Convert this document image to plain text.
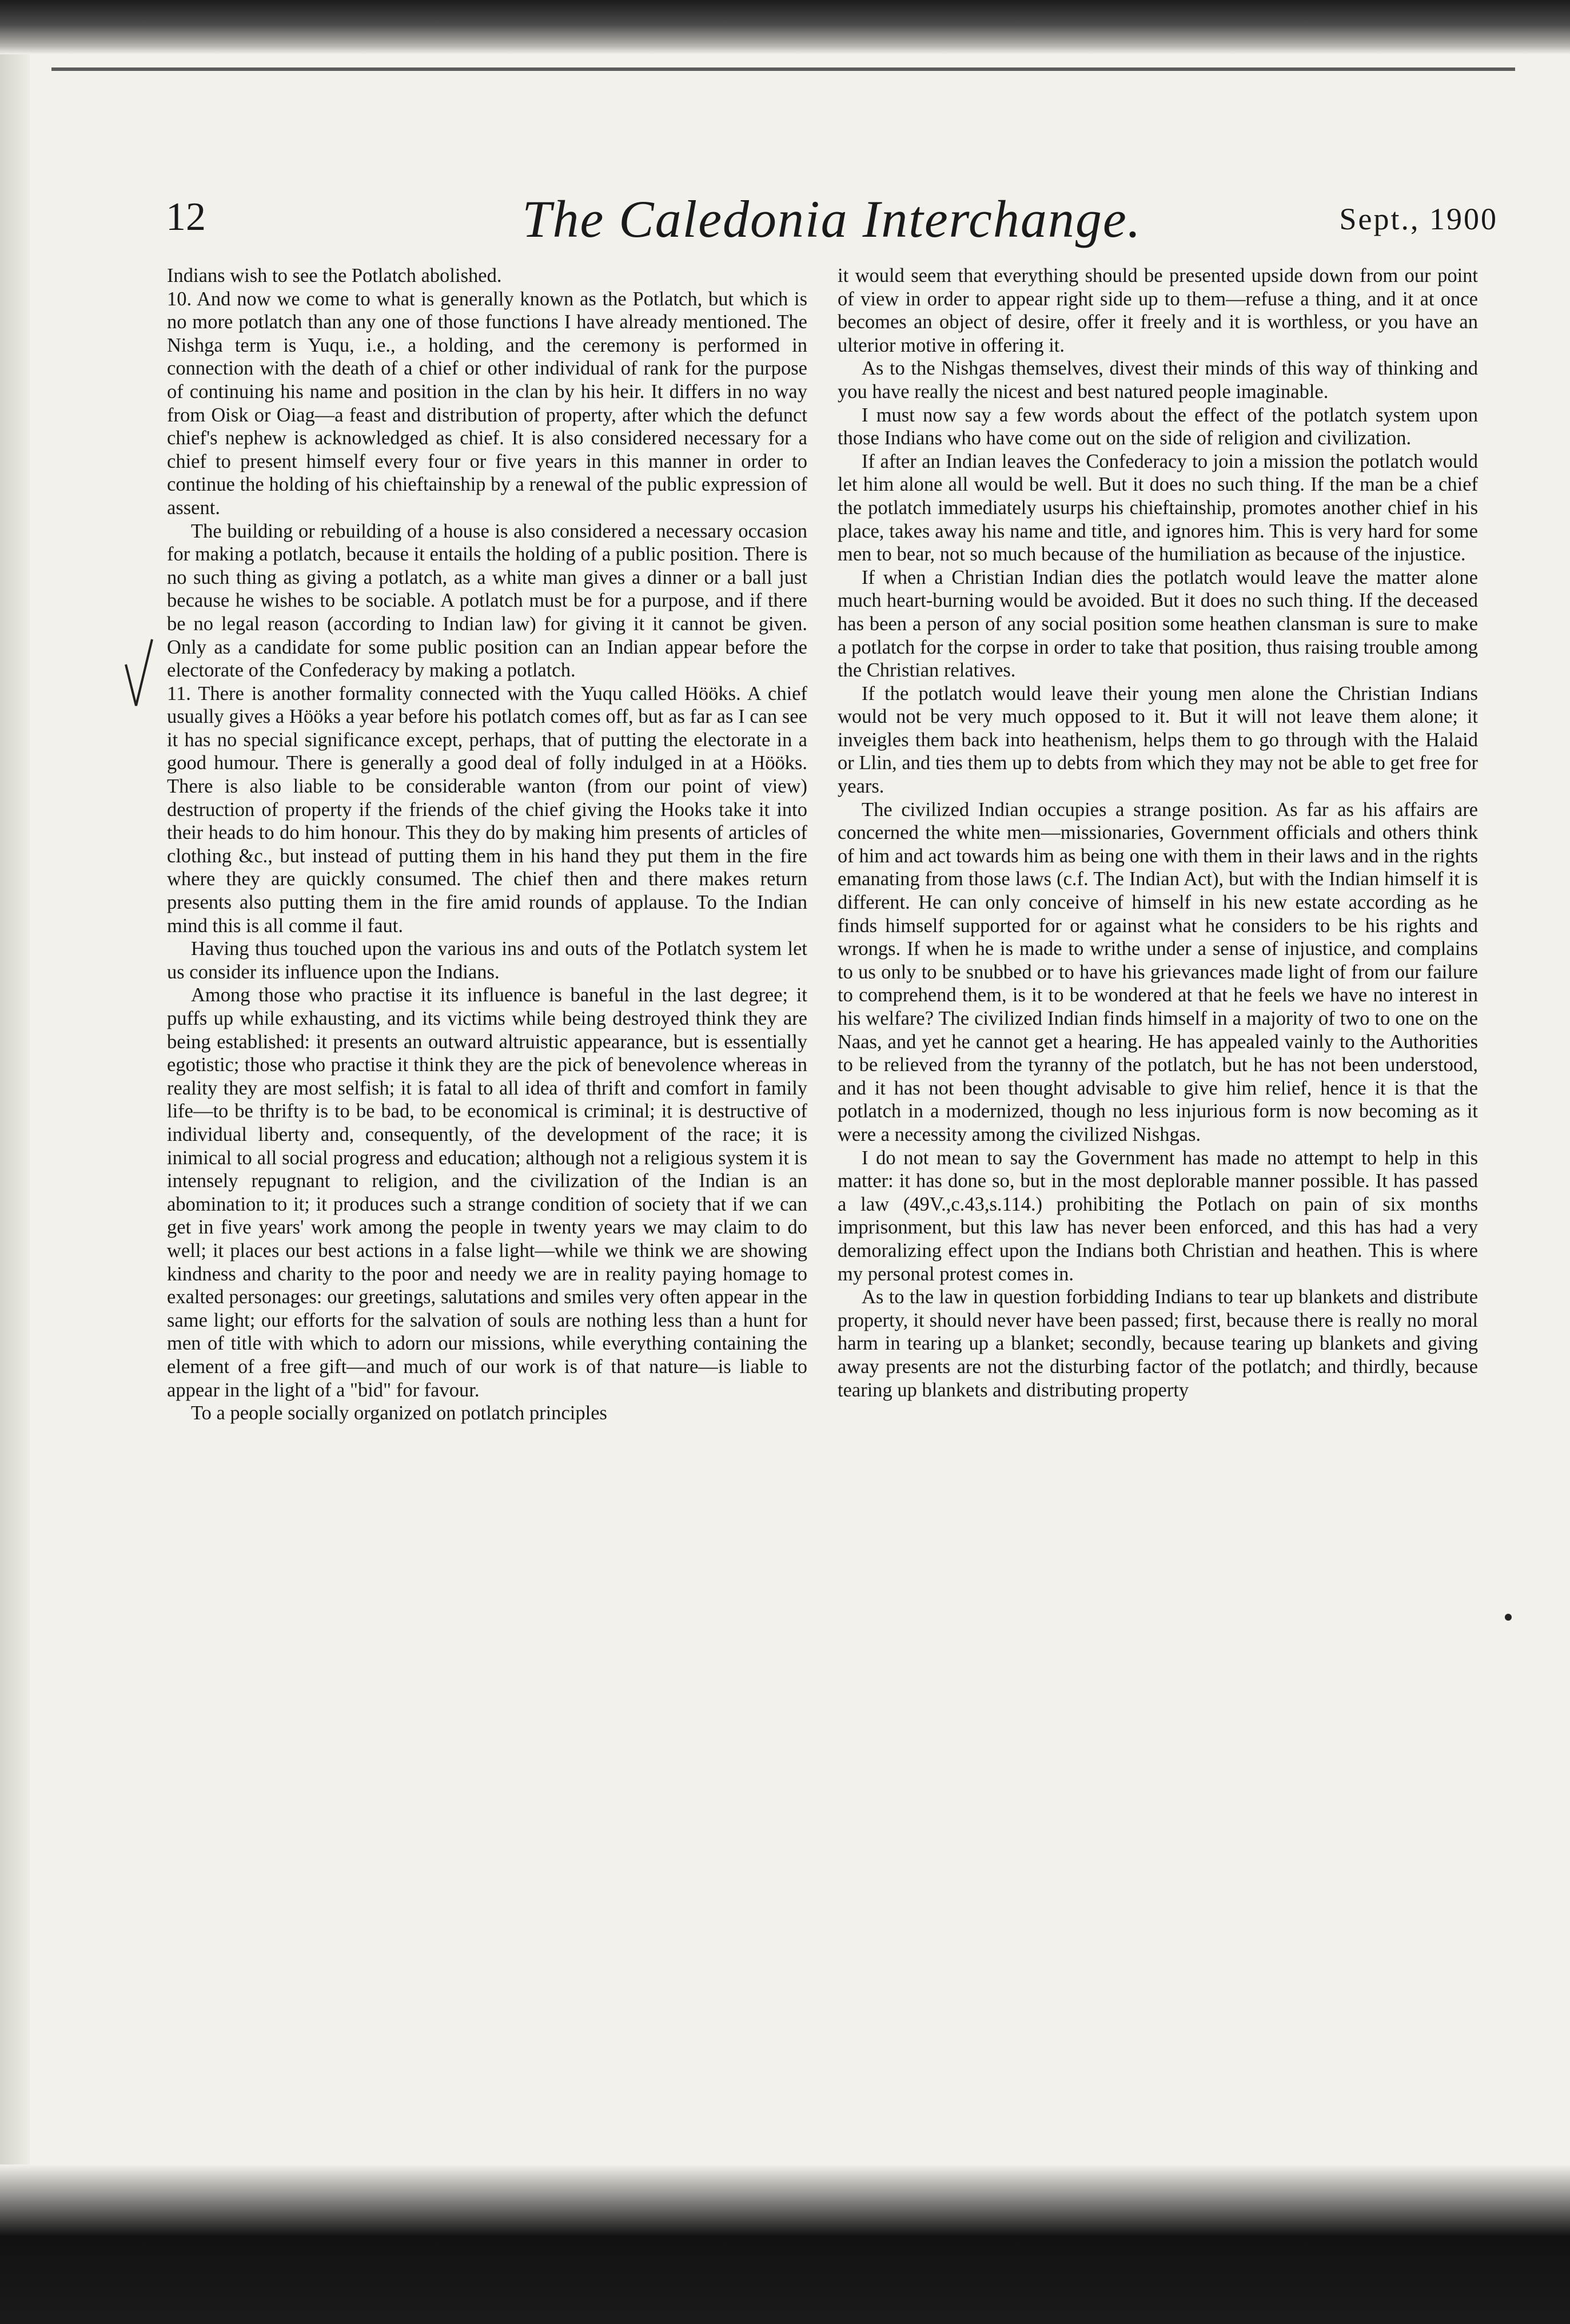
12	The Caledonia Interchange.	Sept., 1900

Indians wish to see the Potlatch abolished.

10. And now we come to what is generally known as the Potlatch, but which is no more potlatch than any one of those functions I have already mentioned. The Nishga term is Yuqu, i.e., a holding, and the ceremony is performed in connection with the death of a chief or other individual of rank for the purpose of continuing his name and position in the clan by his heir. It differs in no way from Oisk or Oiag—a feast and distribution of property, after which the defunct chief's nephew is acknowledged as chief. It is also considered necessary for a chief to present himself every four or five years in this manner in order to continue the holding of his chieftainship by a renewal of the public expression of assent.

The building or rebuilding of a house is also considered a necessary occasion for making a potlatch, because it entails the holding of a public position. There is no such thing as giving a potlatch, as a white man gives a dinner or a ball just because he wishes to be sociable. A potlatch must be for a purpose, and if there be no legal reason (according to Indian law) for giving it it cannot be given. Only as a candidate for some public position can an Indian appear before the electorate of the Confederacy by making a potlatch.

11. There is another formality connected with the Yuqu called Hööks. A chief usually gives a Hööks a year before his potlatch comes off, but as far as I can see it has no special significance except, perhaps, that of putting the electorate in a good humour. There is generally a good deal of folly indulged in at a Hööks. There is also liable to be considerable wanton (from our point of view) destruction of property if the friends of the chief giving the Hooks take it into their heads to do him honour. This they do by making him presents of articles of clothing &c., but instead of putting them in his hand they put them in the fire where they are quickly consumed. The chief then and there makes return presents also putting them in the fire amid rounds of applause. To the Indian mind this is all comme il faut.

Having thus touched upon the various ins and outs of the Potlatch system let us consider its influence upon the Indians.

Among those who practise it its influence is baneful in the last degree; it puffs up while exhausting, and its victims while being destroyed think they are being established: it presents an outward altruistic appearance, but is essentially egotistic; those who practise it think they are the pick of benevolence whereas in reality they are most selfish; it is fatal to all idea of thrift and comfort in family life—to be thrifty is to be bad, to be economical is criminal; it is destructive of individual liberty and, consequently, of the development of the race; it is inimical to all social progress and education; although not a religious system it is intensely repugnant to religion, and the civilization of the Indian is an abomination to it; it produces such a strange condition of society that if we can get in five years' work among the people in twenty years we may claim to do well; it places our best actions in a false light—while we think we are showing kindness and charity to the poor and needy we are in reality paying homage to exalted personages: our greetings, salutations and smiles very often appear in the same light; our efforts for the salvation of souls are nothing less than a hunt for men of title with which to adorn our missions, while everything containing the element of a free gift—and much of our work is of that nature—is liable to appear in the light of a "bid" for favour.

To a people socially organized on potlatch principles

it would seem that everything should be presented upside down from our point of view in order to appear right side up to them—refuse a thing, and it at once becomes an object of desire, offer it freely and it is worthless, or you have an ulterior motive in offering it.

As to the Nishgas themselves, divest their minds of this way of thinking and you have really the nicest and best natured people imaginable.

I must now say a few words about the effect of the potlatch system upon those Indians who have come out on the side of religion and civilization.

If after an Indian leaves the Confederacy to join a mission the potlatch would let him alone all would be well. But it does no such thing. If the man be a chief the potlatch immediately usurps his chieftainship, promotes another chief in his place, takes away his name and title, and ignores him. This is very hard for some men to bear, not so much because of the humiliation as because of the injustice.

If when a Christian Indian dies the potlatch would leave the matter alone much heart-burning would be avoided. But it does no such thing. If the deceased has been a person of any social position some heathen clansman is sure to make a potlatch for the corpse in order to take that position, thus raising trouble among the Christian relatives.

If the potlatch would leave their young men alone the Christian Indians would not be very much opposed to it. But it will not leave them alone; it inveigles them back into heathenism, helps them to go through with the Halaid or Llin, and ties them up to debts from which they may not be able to get free for years.

The civilized Indian occupies a strange position. As far as his affairs are concerned the white men—missionaries, Government officials and others think of him and act towards him as being one with them in their laws and in the rights emanating from those laws (c.f. The Indian Act), but with the Indian himself it is different. He can only conceive of himself in his new estate according as he finds himself supported for or against what he considers to be his rights and wrongs. If when he is made to writhe under a sense of injustice, and complains to us only to be snubbed or to have his grievances made light of from our failure to comprehend them, is it to be wondered at that he feels we have no interest in his welfare? The civilized Indian finds himself in a majority of two to one on the Naas, and yet he cannot get a hearing. He has appealed vainly to the Authorities to be relieved from the tyranny of the potlatch, but he has not been understood, and it has not been thought advisable to give him relief, hence it is that the potlatch in a modernized, though no less injurious form is now becoming as it were a necessity among the civilized Nishgas.

I do not mean to say the Government has made no attempt to help in this matter: it has done so, but in the most deplorable manner possible. It has passed a law (49V.,c.43,s.114.) prohibiting the Potlach on pain of six months imprisonment, but this law has never been enforced, and this has had a very demoralizing effect upon the Indians both Christian and heathen. This is where my personal protest comes in.

As to the law in question forbidding Indians to tear up blankets and distribute property, it should never have been passed; first, because there is really no moral harm in tearing up a blanket; secondly, because tearing up blankets and giving away presents are not the disturbing factor of the potlatch; and thirdly, because tearing up blankets and distributing property
